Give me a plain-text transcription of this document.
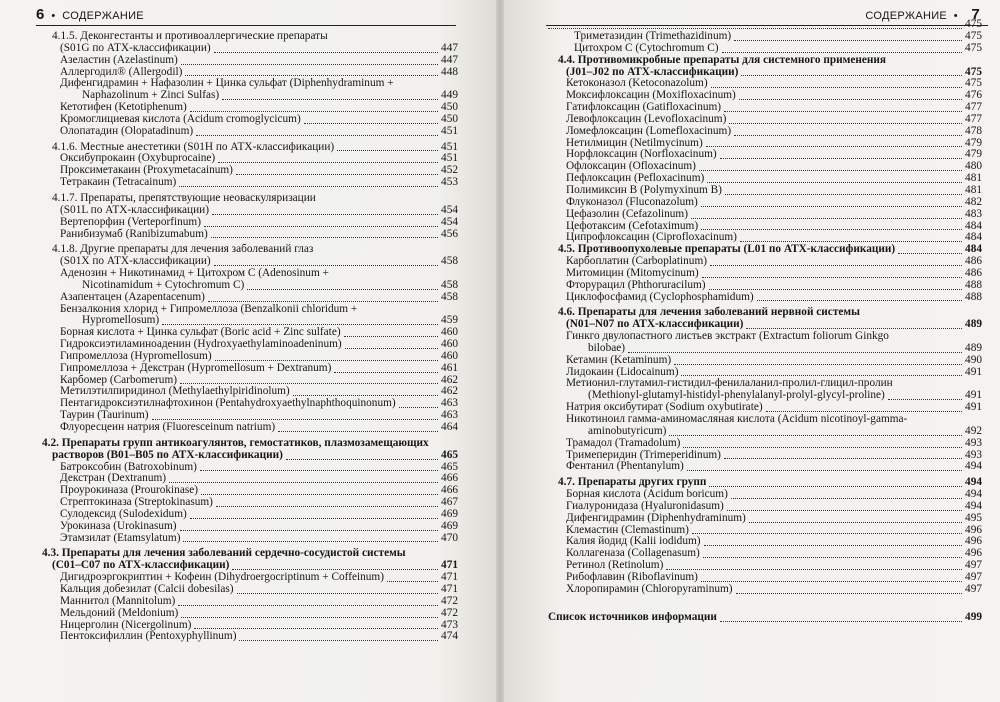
6  •  СОДЕРЖАНИЕ
4.1.5. Деконгестанты и противоаллергические препараты
(S01G по АТХ-классификации)	447
Азеластин (Azelastinum)	447
Аллергодил® (Allergodil)	448
Дифенгидрамин + Нафазолин + Цинка сульфат (Diphenhydraminum +
Naphazolinum + Zinci Sulfas)	449
Кетотифен (Ketotiphenum)	450
Кромоглициевая кислота (Acidum cromoglycicum)	450
Олопатадин (Olopatadinum)	451
4.1.6. Местные анестетики (S01H по АТХ-классификации)	451
Оксибупрокаин (Oxybuprocaine)	451
Проксиметакаин (Proxymetacainum)	452
Тетракаин (Tetracainum)	453
4.1.7. Препараты, препятствующие неоваскуляризации
(S01L по АТХ-классификации)	454
Вертепорфин (Verteporfinum)	454
Ранибизумаб (Ranibizumabum)	456
4.1.8. Другие препараты для лечения заболеваний глаз
(S01X по АТХ-классификации)	458
Аденозин + Никотинамид + Цитохром С (Adenosinum +
Nicotinamidum + Cytochromum C)	458
Азапентацен (Azapentacenum)	458
Бензалкония хлорид + Гипромеллоза (Benzalkonii chloridum +
Hypromellosum)	459
Борная кислота + Цинка сульфат (Boric acid + Zinc sulfate)	460
Гидроксиэтиламиноаденин (Hydroxyaethylaminoadeninum)	460
Гипромеллоза (Hypromellosum)	460
Гипромеллоза + Декстран (Hypromellosum + Dextranum)	461
Карбомер (Carbomerum)	462
Метилэтилпиридинол (Methylaethylpiridinolum)	462
Пентагидроксиэтилнафтохинон (Pentahydroxyaethylnaphthoquinonum)	463
Таурин (Taurinum)	463
Флуоресцеин натрия (Fluoresceinum natrium)	464
4.2. Препараты групп антикоагулянтов, гемостатиков, плазмозамещающих
растворов (B01–B05 по АТХ-классификации)	465
Батроксобин (Batroxobinum)	465
Декстран (Dextranum)	466
Проурокиназа (Prourokinase)	466
Стрептокиназа (Streptokinasum)	467
Сулодексид (Sulodexidum)	469
Урокиназа (Urokinasum)	469
Этамзилат (Etamsylatum)	470
4.3. Препараты для лечения заболеваний сердечно-сосудистой системы
(C01–C07 по АТХ-классификации)	471
Дигидроэргокриптин + Кофеин (Dihydroergocriptinum + Coffeinum)	471
Кальция добезилат (Calcii dobesilas)	471
Маннитол (Mannitolum)	472
Мельдоний (Meldonium)	472
Ницерголин (Nicergolinum)	473
Пентоксифиллин (Pentoxyphyllinum)	474
СОДЕРЖАНИЕ  •    7
475
Триметазидин (Trimethazidinum)	475
Цитохром С (Cytochromum C)	475
4.4. Противомикробные препараты для системного применения
(J01–J02 по АТХ-классификации)	475
Кетоконазол (Ketoconazolum)	475
Моксифлоксацин (Moxifloxacinum)	476
Гатифлоксацин (Gatifloxacinum)	477
Левофлоксацин (Levofloxacinum)	477
Ломефлоксацин (Lomefloxacinum)	478
Нетилмицин (Netilmycinum)	479
Норфлоксацин (Norfloxacinum)	479
Офлоксацин (Ofloxacinum)	480
Пефлоксацин (Pefloxacinum)	481
Полимиксин В (Polymyxinum В)	481
Флуконазол (Fluconazolum)	482
Цефазолин (Cefazolinum)	483
Цефотаксим (Cefotaximum)	484
Ципрофлоксацин (Ciprofloxacinum)	484
4.5. Противоопухолевые препараты (L01 по АТХ-классификации)	484
Карбоплатин (Carboplatinum)	486
Митомицин (Mitomycinum)	486
Фторурацил (Phthoruracilum)	488
Циклофосфамид (Cyclophosphamidum)	488
4.6. Препараты для лечения заболеваний нервной системы
(N01–N07 по АТХ-классификации)	489
Гинкго двулопастного листьев экстракт (Extractum foliorum Ginkgo
bilobae)	489
Кетамин (Ketaminum)	490
Лидокаин (Lidocainum)	491
Метионил-глутамил-гистидил-фенилаланил-пролил-глицил-пролин
(Methionyl-glutamyl-histidyl-phenylalanyl-prolyl-glycyl-proline)	491
Натрия оксибутират (Sodium oxybutirate)	491
Никотиноил гамма-аминомасляная кислота (Acidum nicotinoyl-gamma-
aminobutyricum)	492
Трамадол (Tramadolum)	493
Тримеперидин (Trimeperidinum)	493
Фентанил (Phentanylum)	494
4.7. Препараты других групп	494
Борная кислота (Acidum boricum)	494
Гиалуронидаза (Hyaluronidasum)	494
Дифенгидрамин (Diphenhydraminum)	495
Клемастин (Clemastinum)	496
Калия йодид (Kalii iodidum)	496
Коллагеназа (Collagenasum)	496
Ретинол (Retinolum)	497
Рибофлавин (Riboflavinum)	497
Хлоропирамин (Chloropyraminum)	497
Список источников информации	499
